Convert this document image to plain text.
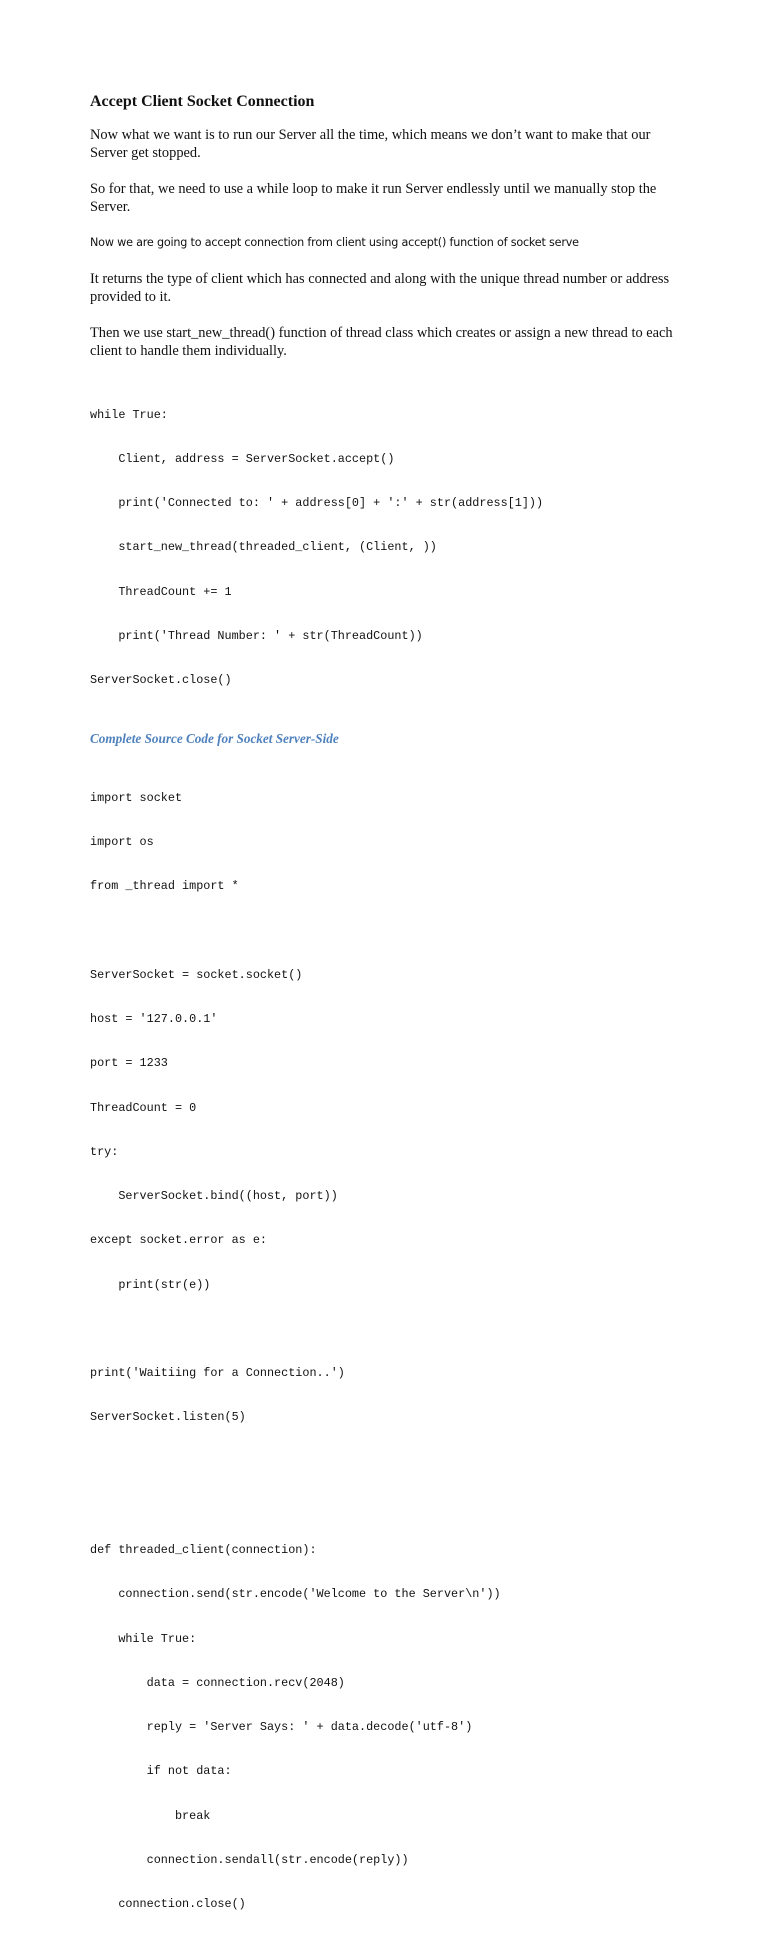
Accept Client Socket Connection
Now what we want is to run our Server all the time, which means we don’t want to make that our Server get stopped.
So for that, we need to use a while loop to make it run Server endlessly until we manually stop the Server.
Now we are going to accept connection from client using accept() function of socket serve
It returns the type of client which has connected and along with the unique thread number or address provided to it.
Then we use start_new_thread() function of thread class which creates or assign a new thread to each client to handle them individually.

while True:

Client, address = ServerSocket.accept()

print('Connected to: ' + address[0] + ':' + str(address[1]))

start_new_thread(threaded_client, (Client, ))

ThreadCount += 1

print('Thread Number: ' + str(ThreadCount))

ServerSocket.close()

Complete Source Code for Socket Server-Side

import socket

import os

from _thread import *

ServerSocket = socket.socket()

host = '127.0.0.1'

port = 1233

ThreadCount = 0

try:

ServerSocket.bind((host, port))

except socket.error as e:

print(str(e))

print('Waitiing for a Connection..')

ServerSocket.listen(5)

def threaded_client(connection):

connection.send(str.encode('Welcome to the Server\n'))

while True:

data = connection.recv(2048)

reply = 'Server Says: ' + data.decode('utf-8')

if not data:

break

connection.sendall(str.encode(reply))

connection.close()
